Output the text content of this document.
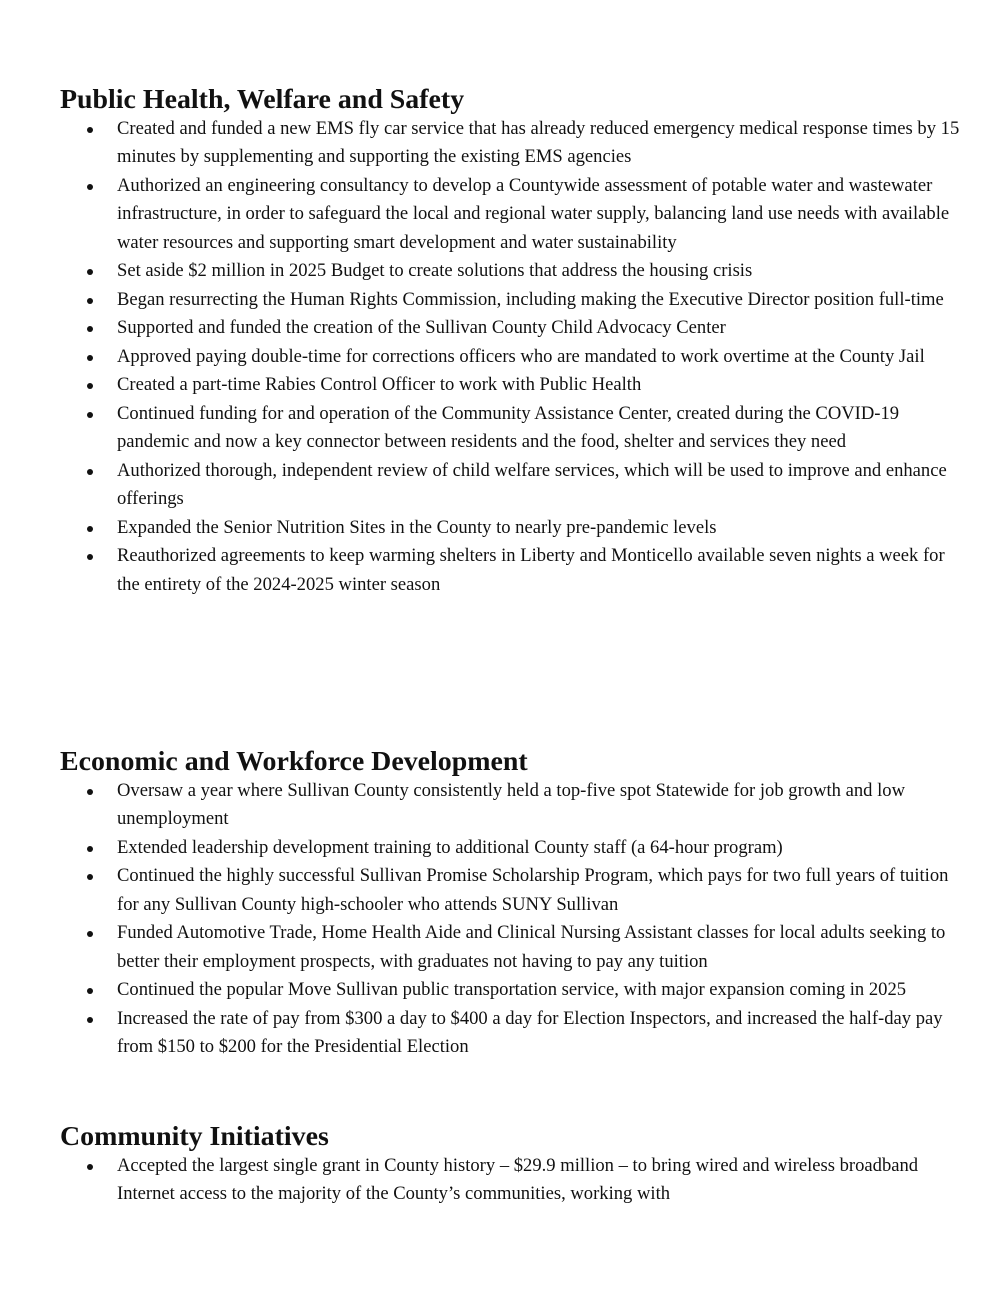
Public Health, Welfare and Safety
Created and funded a new EMS fly car service that has already reduced emergency medical response times by 15 minutes by supplementing and supporting the existing EMS agencies
Authorized an engineering consultancy to develop a Countywide assessment of potable water and wastewater infrastructure, in order to safeguard the local and regional water supply, balancing land use needs with available water resources and supporting smart development and water sustainability
Set aside $2 million in 2025 Budget to create solutions that address the housing crisis
Began resurrecting the Human Rights Commission, including making the Executive Director position full-time
Supported and funded the creation of the Sullivan County Child Advocacy Center
Approved paying double-time for corrections officers who are mandated to work overtime at the County Jail
Created a part-time Rabies Control Officer to work with Public Health
Continued funding for and operation of the Community Assistance Center, created during the COVID-19 pandemic and now a key connector between residents and the food, shelter and services they need
Authorized thorough, independent review of child welfare services, which will be used to improve and enhance offerings
Expanded the Senior Nutrition Sites in the County to nearly pre-pandemic levels
Reauthorized agreements to keep warming shelters in Liberty and Monticello available seven nights a week for the entirety of the 2024-2025 winter season
Economic and Workforce Development
Oversaw a year where Sullivan County consistently held a top-five spot Statewide for job growth and low unemployment
Extended leadership development training to additional County staff (a 64-hour program)
Continued the highly successful Sullivan Promise Scholarship Program, which pays for two full years of tuition for any Sullivan County high-schooler who attends SUNY Sullivan
Funded Automotive Trade, Home Health Aide and Clinical Nursing Assistant classes for local adults seeking to better their employment prospects, with graduates not having to pay any tuition
Continued the popular Move Sullivan public transportation service, with major expansion coming in 2025
Increased the rate of pay from $300 a day to $400 a day for Election Inspectors, and increased the half-day pay from $150 to $200 for the Presidential Election
Community Initiatives
Accepted the largest single grant in County history – $29.9 million – to bring wired and wireless broadband Internet access to the majority of the County’s communities, working with
